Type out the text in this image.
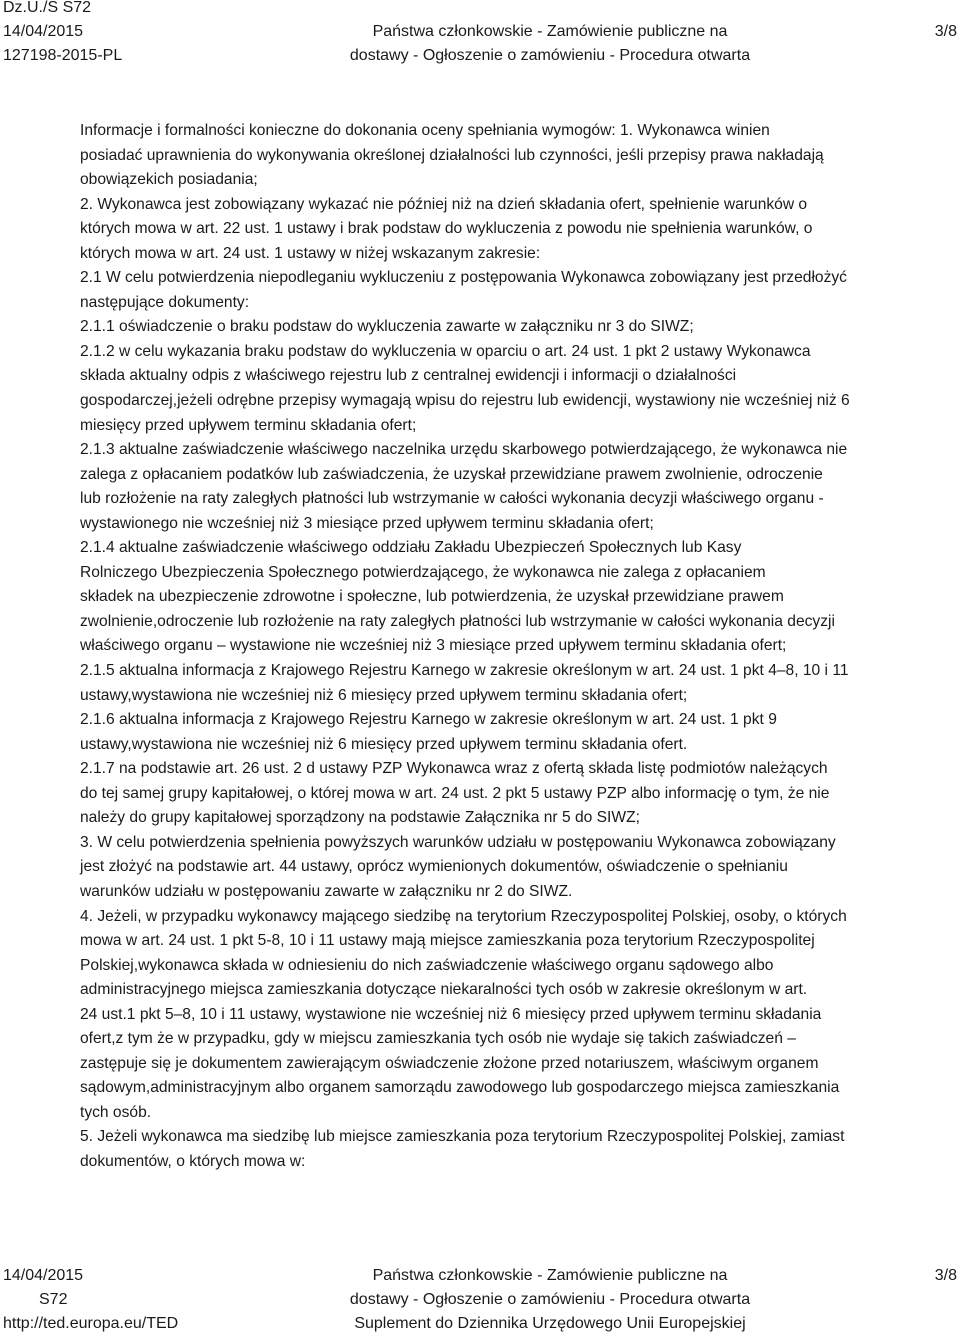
Dz.U./S S72
14/04/2015
127198-2015-PL
Państwa członkowskie - Zamówienie publiczne na
dostawy - Ogłoszenie o zamówieniu - Procedura otwarta
3/8

Informacje i formalności konieczne do dokonania oceny spełniania wymogów: 1. Wykonawca winien

posiadać uprawnienia do wykonywania określonej działalności lub czynności, jeśli przepisy prawa nakładają

obowiązekich posiadania;

2. Wykonawca jest zobowiązany wykazać nie później niż na dzień składania ofert, spełnienie warunków o

których mowa w art. 22 ust. 1 ustawy i brak podstaw do wykluczenia z powodu nie spełnienia warunków, o

których mowa w art. 24 ust. 1 ustawy w niżej wskazanym zakresie:

2.1 W celu potwierdzenia niepodleganiu wykluczeniu z postępowania Wykonawca zobowiązany jest przedłożyć

następujące dokumenty:

2.1.1 oświadczenie o braku podstaw do wykluczenia zawarte w załączniku nr 3 do SIWZ;

2.1.2 w celu wykazania braku podstaw do wykluczenia w oparciu o art. 24 ust. 1 pkt 2 ustawy Wykonawca

składa aktualny odpis z właściwego rejestru lub z centralnej ewidencji i informacji o działalności

gospodarczej,jeżeli odrębne przepisy wymagają wpisu do rejestru lub ewidencji, wystawiony nie wcześniej niż 6

miesięcy przed upływem terminu składania ofert;

2.1.3 aktualne zaświadczenie właściwego naczelnika urzędu skarbowego potwierdzającego, że wykonawca nie

zalega z opłacaniem podatków lub zaświadczenia, że uzyskał przewidziane prawem zwolnienie, odroczenie

lub rozłożenie na raty zaległych płatności lub wstrzymanie w całości wykonania decyzji właściwego organu -

wystawionego nie wcześniej niż 3 miesiące przed upływem terminu składania ofert;

2.1.4 aktualne zaświadczenie właściwego oddziału Zakładu Ubezpieczeń Społecznych lub Kasy

Rolniczego Ubezpieczenia Społecznego potwierdzającego, że wykonawca nie zalega z opłacaniem

składek na ubezpieczenie zdrowotne i społeczne, lub potwierdzenia, że uzyskał przewidziane prawem

zwolnienie,odroczenie lub rozłożenie na raty zaległych płatności lub wstrzymanie w całości wykonania decyzji

właściwego organu – wystawione nie wcześniej niż 3 miesiące przed upływem terminu składania ofert;

2.1.5 aktualna informacja z Krajowego Rejestru Karnego w zakresie określonym w art. 24 ust. 1 pkt 4–8, 10 i 11

ustawy,wystawiona nie wcześniej niż 6 miesięcy przed upływem terminu składania ofert;

2.1.6 aktualna informacja z Krajowego Rejestru Karnego w zakresie określonym w art. 24 ust. 1 pkt 9

ustawy,wystawiona nie wcześniej niż 6 miesięcy przed upływem terminu składania ofert.

2.1.7 na podstawie art. 26 ust. 2 d ustawy PZP Wykonawca wraz z ofertą składa listę podmiotów należących

do tej samej grupy kapitałowej, o której mowa w art. 24 ust. 2 pkt 5 ustawy PZP albo informację o tym, że nie

należy do grupy kapitałowej sporządzony na podstawie Załącznika nr 5 do SIWZ;

3. W celu potwierdzenia spełnienia powyższych warunków udziału w postępowaniu Wykonawca zobowiązany

jest złożyć na podstawie art. 44 ustawy, oprócz wymienionych dokumentów, oświadczenie o spełnianiu

warunków udziału w postępowaniu zawarte w załączniku nr 2 do SIWZ.

4. Jeżeli, w przypadku wykonawcy mającego siedzibę na terytorium Rzeczypospolitej Polskiej, osoby, o których

mowa w art. 24 ust. 1 pkt 5-8, 10 i 11 ustawy mają miejsce zamieszkania poza terytorium Rzeczypospolitej

Polskiej,wykonawca składa w odniesieniu do nich zaświadczenie właściwego organu sądowego albo

administracyjnego miejsca zamieszkania dotyczące niekaralności tych osób w zakresie określonym w art.

24 ust.1 pkt 5–8, 10 i 11 ustawy, wystawione nie wcześniej niż 6 miesięcy przed upływem terminu składania

ofert,z tym że w przypadku, gdy w miejscu zamieszkania tych osób nie wydaje się takich zaświadczeń –

zastępuje się je dokumentem zawierającym oświadczenie złożone przed notariuszem, właściwym organem

sądowym,administracyjnym albo organem samorządu zawodowego lub gospodarczego miejsca zamieszkania

tych osób.

5. Jeżeli wykonawca ma siedzibę lub miejsce zamieszkania poza terytorium Rzeczypospolitej Polskiej, zamiast

dokumentów, o których mowa w:

14/04/2015
S72
http://ted.europa.eu/TED
Państwa członkowskie - Zamówienie publiczne na
dostawy - Ogłoszenie o zamówieniu - Procedura otwarta
Suplement do Dziennika Urzędowego Unii Europejskiej
3/8
